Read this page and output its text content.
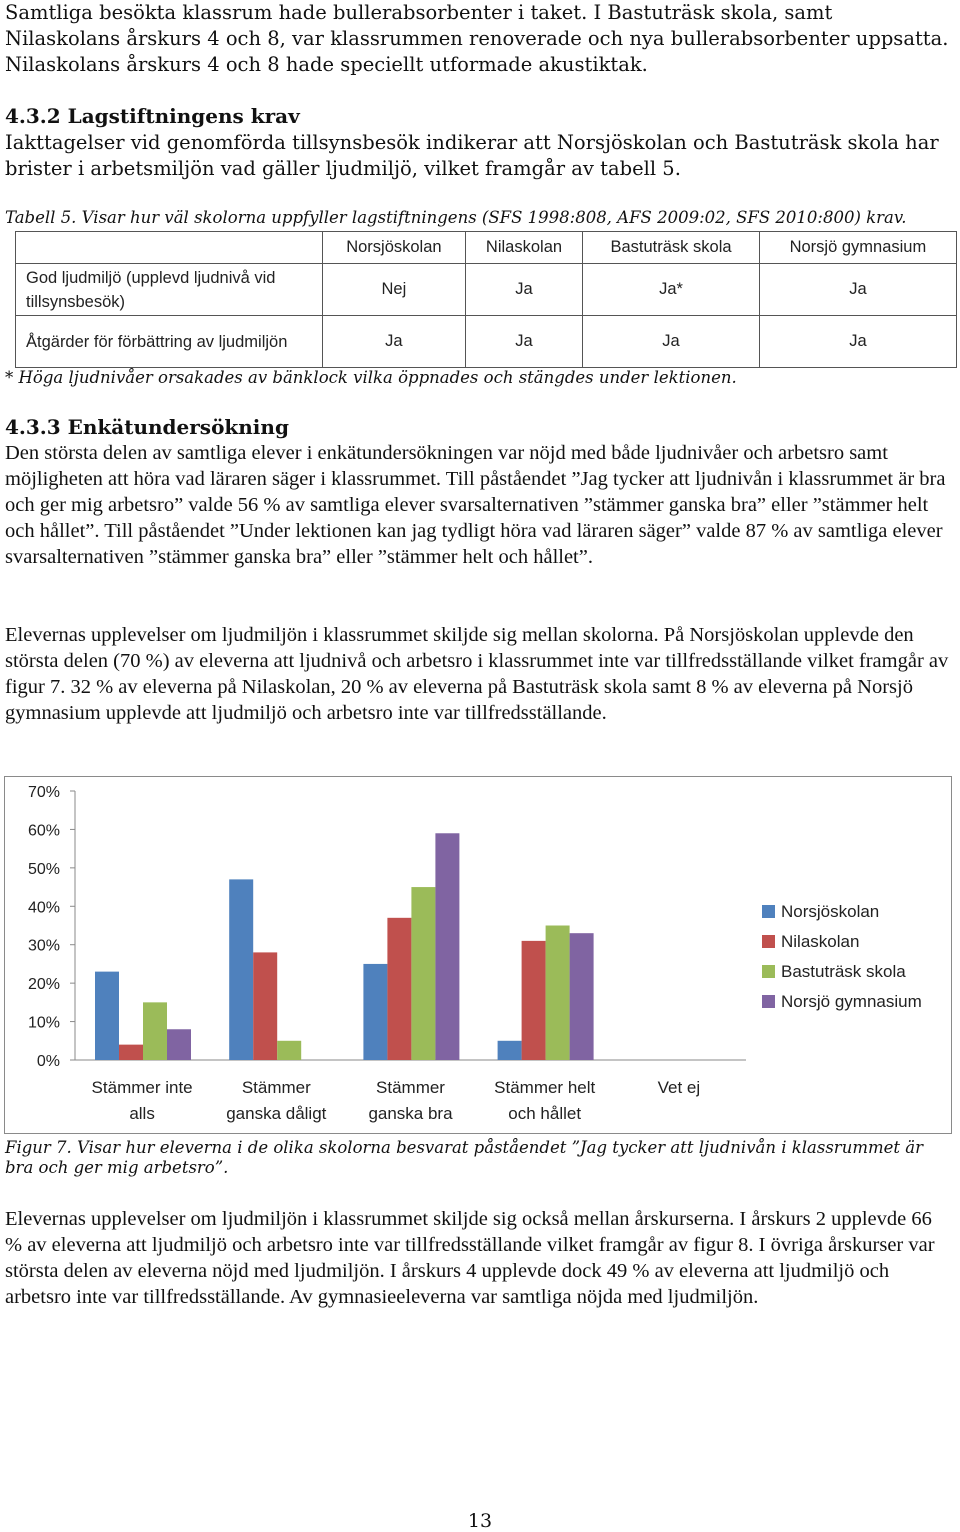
Samtliga besökta klassrum hade bullerabsorbenter i taket. I Bastuträsk skola, samt Nilaskolans årskurs 4 och 8, var klassrummen renoverade och nya bullerabsorbenter uppsatta. Nilaskolans årskurs 4 och 8 hade speciellt utformade akustiktak.

4.3.2 Lagstiftningens krav

Iakttagelser vid genomförda tillsynsbesök indikerar att Norsjöskolan och Bastuträsk skola har brister i arbetsmiljön vad gäller ljudmiljö, vilket framgår av tabell 5.

Tabell 5. Visar hur väl skolorna uppfyller lagstiftningens (SFS 1998:808, AFS 2009:02, SFS 2010:800) krav.

	Norsjöskolan	Nilaskolan	Bastuträsk skola	Norsjö gymnasium
God ljudmiljö (upplevd ljudnivå vid tillsynsbesök)	Nej	Ja	Ja*	Ja
Åtgärder för förbättring av ljudmiljön	Ja	Ja	Ja	Ja

* Höga ljudnivåer orsakades av bänklock vilka öppnades och stängdes under lektionen.

4.3.3 Enkätundersökning

Den största delen av samtliga elever i enkätundersökningen var nöjd med både ljudnivåer och arbetsro samt möjligheten att höra vad läraren säger i klassrummet. Till påståendet ”Jag tycker att ljudnivån i klassrummet är bra och ger mig arbetsro” valde 56 % av samtliga elever svarsalternativen ”stämmer ganska bra” eller ”stämmer helt och hållet”. Till påståendet ”Under lektionen kan jag tydligt höra vad läraren säger” valde 87 % av samtliga elever svarsalternativen ”stämmer ganska bra” eller ”stämmer helt och hållet”.

Elevernas upplevelser om ljudmiljön i klassrummet skiljde sig mellan skolorna. På Norsjöskolan upplevde den största delen (70 %) av eleverna att ljudnivå och arbetsro i klassrummet inte var tillfredsställande vilket framgår av figur 7. 32 % av eleverna på Nilaskolan, 20 % av eleverna på Bastuträsk skola samt 8 % av eleverna på Norsjö gymnasium upplevde att ljudmiljö och arbetsro inte var tillfredsställande.

0%
10%
20%
30%
40%
50%
60%
70%
Stämmer inte
alls
Stämmer
ganska dåligt
Stämmer
ganska bra
Stämmer helt
och hållet
Vet ej
Norsjöskolan
Nilaskolan
Bastuträsk skola
Norsjö gymnasium

Figur 7. Visar hur eleverna i de olika skolorna besvarat påståendet ”Jag tycker att ljudnivån i klassrummet är bra och ger mig arbetsro”.

Elevernas upplevelser om ljudmiljön i klassrummet skiljde sig också mellan årskurserna. I årskurs 2 upplevde 66 % av eleverna att ljudmiljö och arbetsro inte var tillfredsställande vilket framgår av figur 8. I övriga årskurser var största delen av eleverna nöjd med ljudmiljön. I årskurs 4 upplevde dock 49 % av eleverna att ljudmiljö och arbetsro inte var tillfredsställande. Av gymnasieeleverna var samtliga nöjda med ljudmiljön.

13
